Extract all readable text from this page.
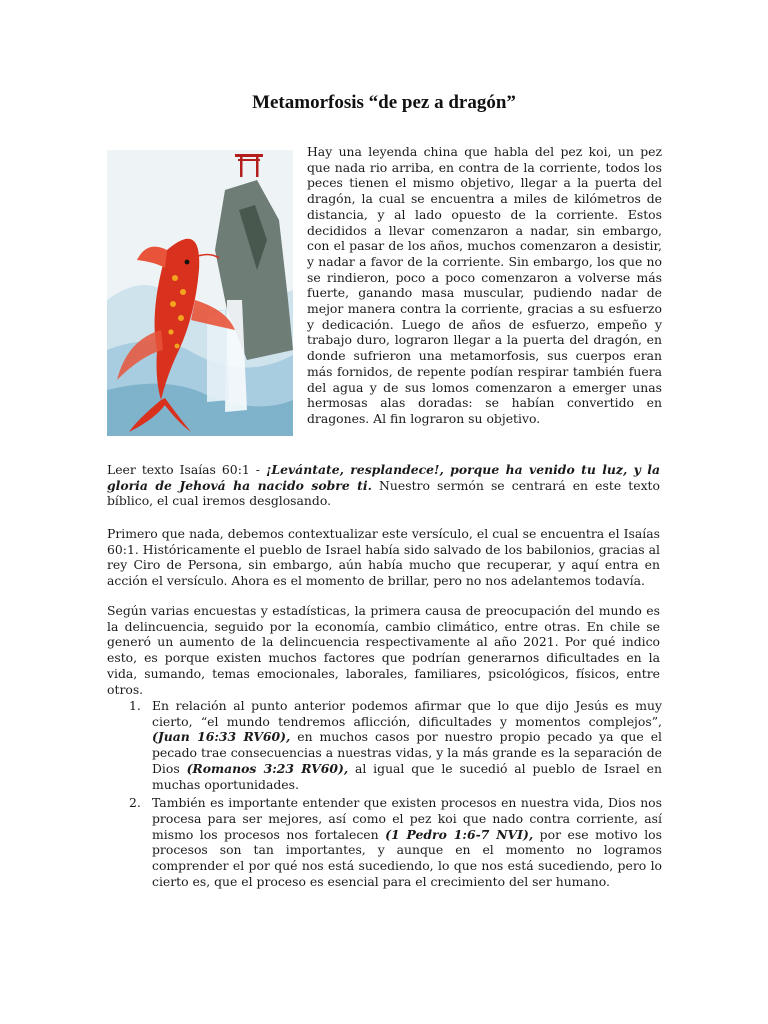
Metamorfosis “de pez a dragón”

Hay una leyenda china que habla del pez koi, un pez que nada rio arriba, en contra de la corriente, todos los peces tienen el mismo objetivo, llegar a la puerta del dragón, la cual se encuentra a miles de kilómetros de distancia, y al lado opuesto de la corriente. Estos decididos a llevar comenzaron a nadar, sin embargo, con el pasar de los años, muchos comenzaron a desistir, y nadar a favor de la corriente. Sin embargo, los que no se rindieron, poco a poco comenzaron a volverse más fuerte, ganando masa muscular, pudiendo nadar de mejor manera contra la corriente, gracias a su esfuerzo y dedicación. Luego de años de esfuerzo, empeño y trabajo duro, lograron llegar a la puerta del dragón, en donde sufrieron una metamorfosis, sus cuerpos eran más fornidos, de repente podían respirar también fuera del agua y de sus lomos comenzaron a emerger unas hermosas alas doradas: se habían convertido en dragones. Al fin lograron su objetivo.

Leer texto Isaías 60:1 - ¡Levántate, resplandece!, porque ha venido tu luz, y la gloria de Jehová ha nacido sobre ti. Nuestro sermón se centrará en este texto bíblico, el cual iremos desglosando.

Primero que nada, debemos contextualizar este versículo, el cual se encuentra el Isaías 60:1. Históricamente el pueblo de Israel había sido salvado de los babilonios, gracias al rey Ciro de Persona, sin embargo, aún había mucho que recuperar, y aquí entra en acción el versículo. Ahora es el momento de brillar, pero no nos adelantemos todavía.

Según varias encuestas y estadísticas, la primera causa de preocupación del mundo es la delincuencia, seguido por la economía, cambio climático, entre otras. En chile se generó un aumento de la delincuencia respectivamente al año 2021. Por qué indico esto, es porque existen muchos factores que podrían generarnos dificultades en la vida, sumando, temas emocionales, laborales, familiares, psicológicos, físicos, entre otros.

1. En relación al punto anterior podemos afirmar que lo que dijo Jesús es muy cierto, “el mundo tendremos aflicción, dificultades y momentos complejos”, (Juan 16:33 RV60), en muchos casos por nuestro propio pecado ya que el pecado trae consecuencias a nuestras vidas, y la más grande es la separación de Dios (Romanos 3:23 RV60), al igual que le sucedió al pueblo de Israel en muchas oportunidades.
2. También es importante entender que existen procesos en nuestra vida, Dios nos procesa para ser mejores, así como el pez koi que nado contra corriente, así mismo los procesos nos fortalecen (1 Pedro 1:6-7 NVI), por ese motivo los procesos son tan importantes, y aunque en el momento no logramos comprender el por qué nos está sucediendo, lo que nos está sucediendo, pero lo cierto es, que el proceso es esencial para el crecimiento del ser humano.
